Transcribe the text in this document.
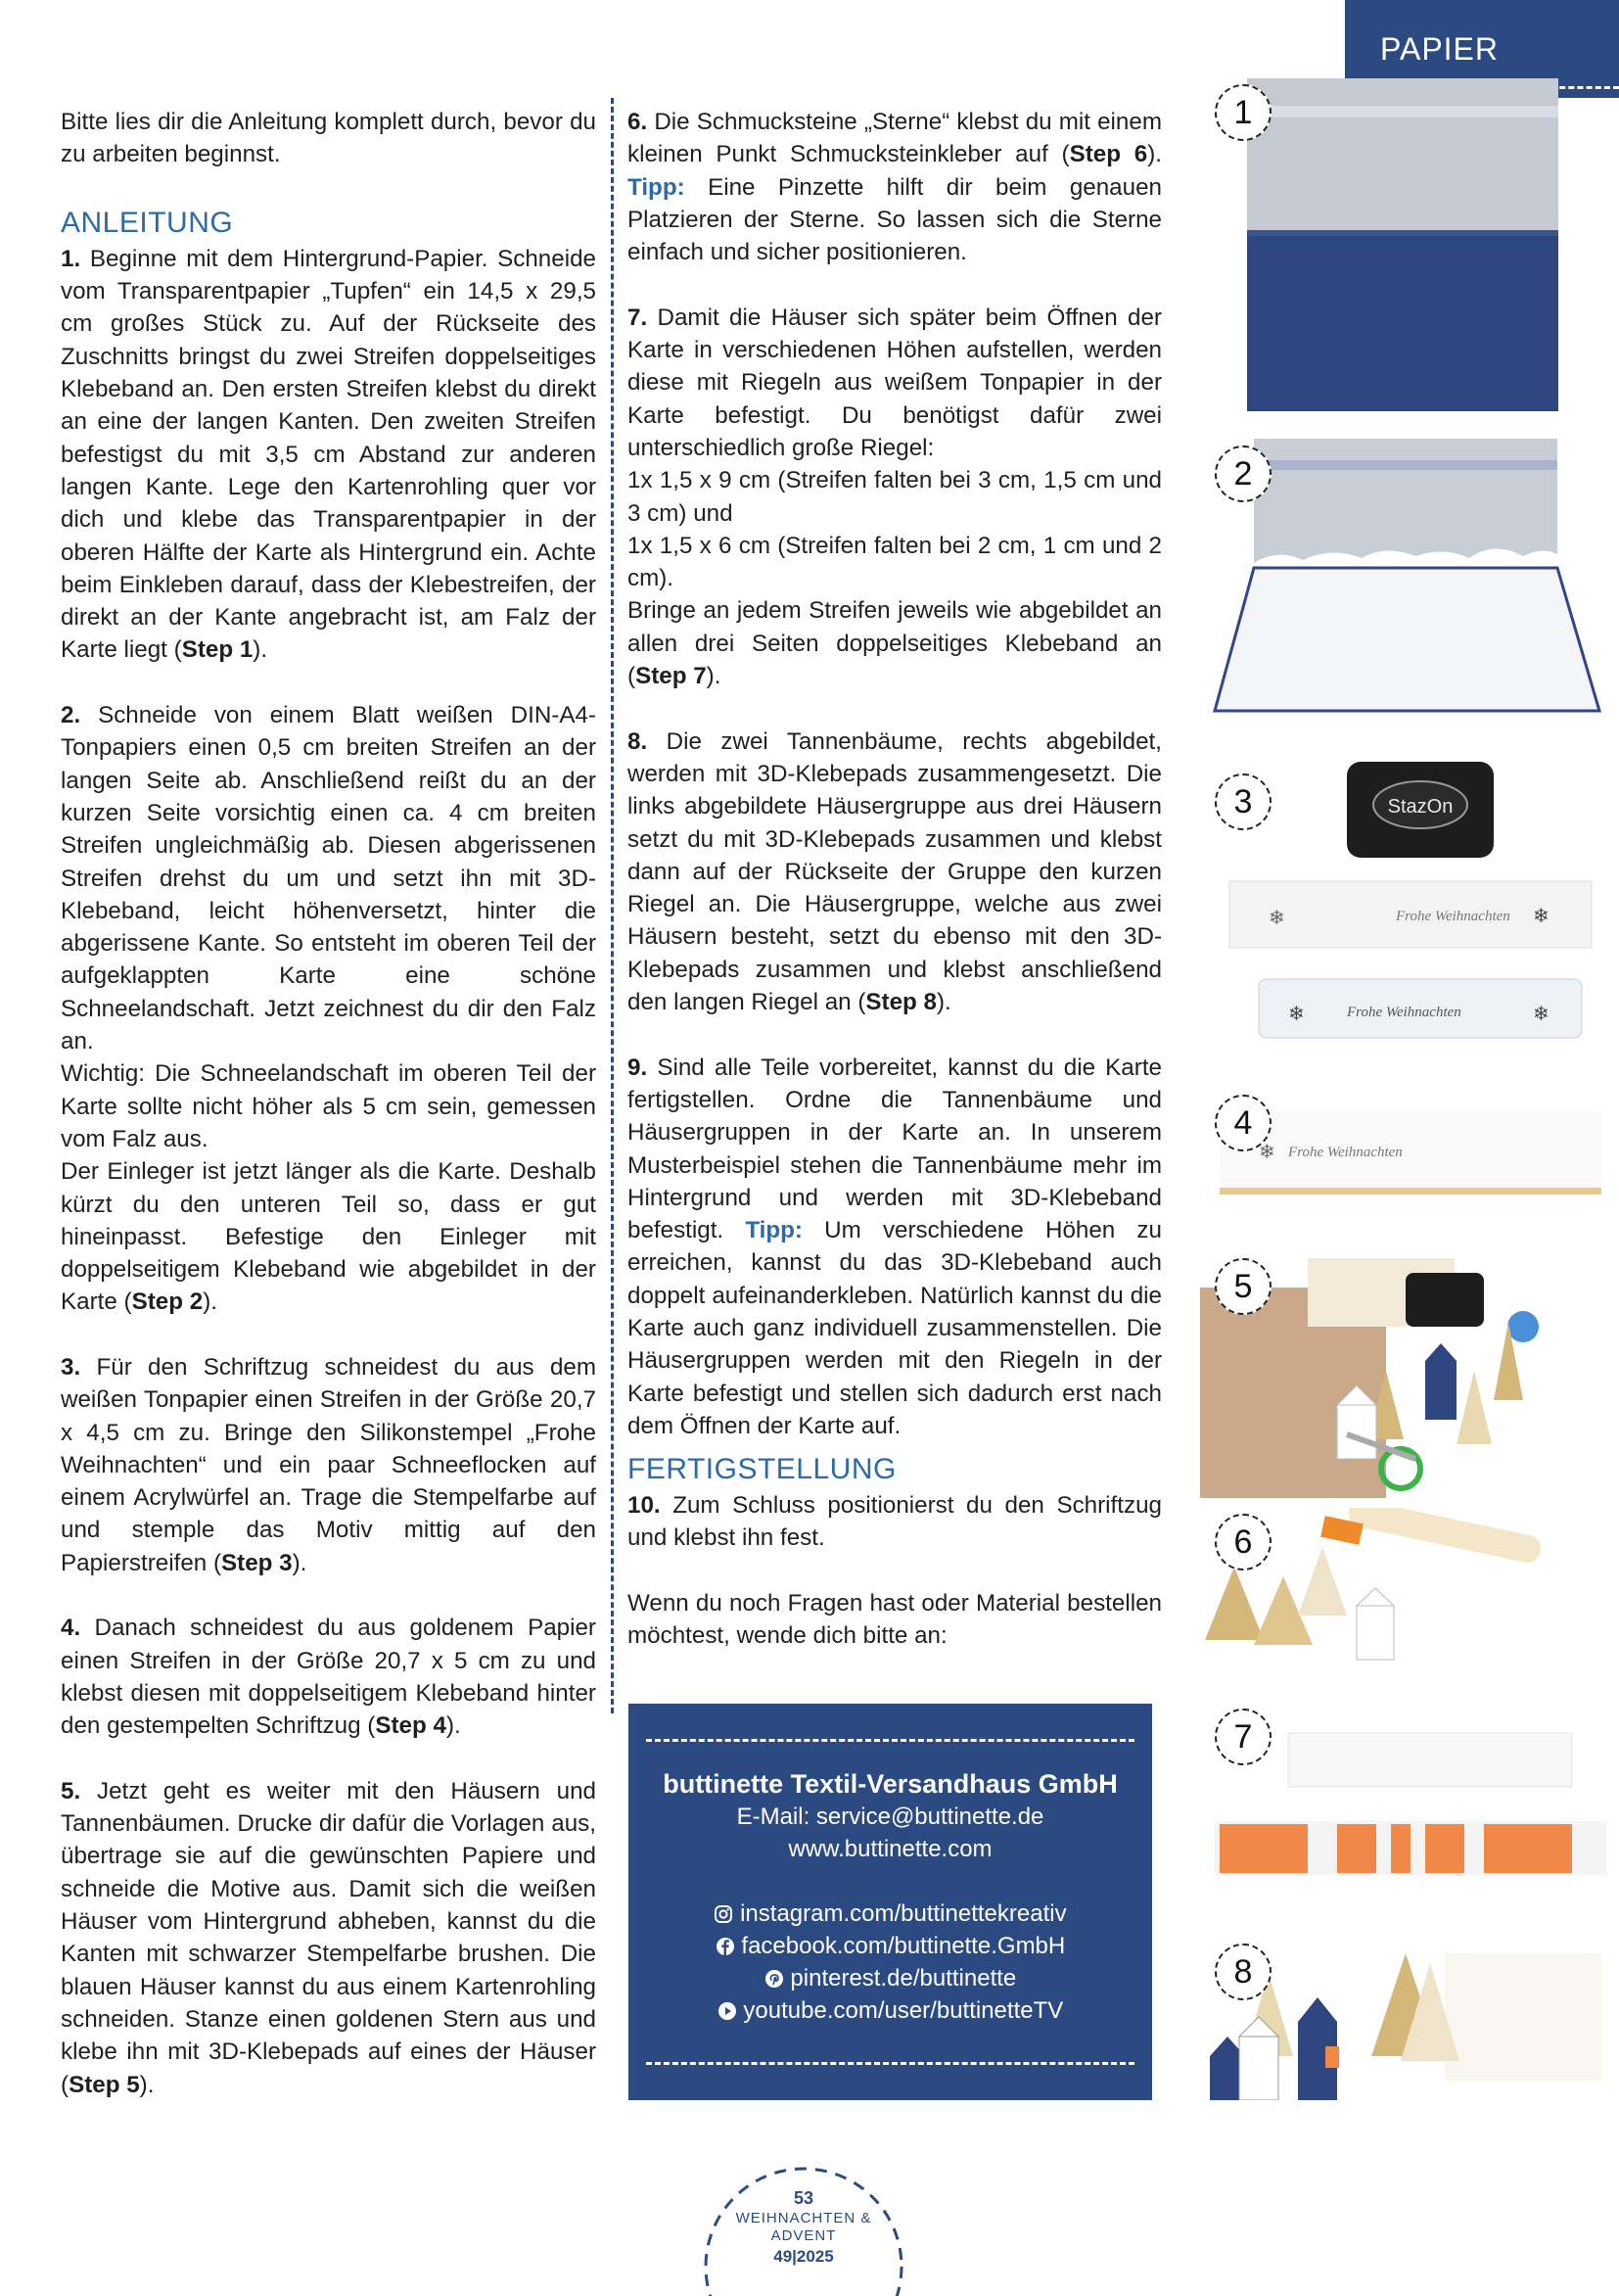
PAPIER

Bitte lies dir die Anleitung komplett durch, bevor du zu arbeiten beginnst.

ANLEITUNG

1. Beginne mit dem Hintergrund-Papier. Schneide vom Transparentpapier „Tupfen“ ein 14,5 x 29,5 cm großes Stück zu. Auf der Rückseite des Zuschnitts bringst du zwei Streifen doppelseitiges Klebeband an. Den ersten Streifen klebst du direkt an eine der langen Kanten. Den zweiten Streifen befestigst du mit 3,5 cm Abstand zur anderen langen Kante. Lege den Kartenrohling quer vor dich und klebe das Transparentpapier in der oberen Hälfte der Karte als Hintergrund ein. Achte beim Einkleben darauf, dass der Klebestreifen, der direkt an der Kante angebracht ist, am Falz der Karte liegt (Step 1).

2. Schneide von einem Blatt weißen DIN-A4-Tonpapiers einen 0,5 cm breiten Streifen an der langen Seite ab. Anschließend reißt du an der kurzen Seite vorsichtig einen ca. 4 cm breiten Streifen ungleichmäßig ab. Diesen abgerissenen Streifen drehst du um und setzt ihn mit 3D-Klebeband, leicht höhenversetzt, hinter die abgerissene Kante. So entsteht im oberen Teil der aufgeklappten Karte eine schöne Schneelandschaft. Jetzt zeichnest du dir den Falz an.

Wichtig: Die Schneelandschaft im oberen Teil der Karte sollte nicht höher als 5 cm sein, gemessen vom Falz aus.

Der Einleger ist jetzt länger als die Karte. Deshalb kürzt du den unteren Teil so, dass er gut hineinpasst. Befestige den Einleger mit doppelseitigem Klebeband wie abgebildet in der Karte (Step 2).

3. Für den Schriftzug schneidest du aus dem weißen Tonpapier einen Streifen in der Größe 20,7 x 4,5 cm zu. Bringe den Silikonstempel „Frohe Weihnachten“ und ein paar Schneeflocken auf einem Acrylwürfel an. Trage die Stempelfarbe auf und stemple das Motiv mittig auf den Papierstreifen (Step 3).

4. Danach schneidest du aus goldenem Papier einen Streifen in der Größe 20,7 x 5 cm zu und klebst diesen mit doppelseitigem Klebeband hinter den gestempelten Schriftzug (Step 4).

5. Jetzt geht es weiter mit den Häusern und Tannenbäumen. Drucke dir dafür die Vorlagen aus, übertrage sie auf die gewünschten Papiere und schneide die Motive aus. Damit sich die weißen Häuser vom Hintergrund abheben, kannst du die Kanten mit schwarzer Stempelfarbe brushen. Die blauen Häuser kannst du aus einem Kartenrohling schneiden. Stanze einen goldenen Stern aus und klebe ihn mit 3D-Klebepads auf eines der Häuser (Step 5).

6. Die Schmucksteine „Sterne“ klebst du mit einem kleinen Punkt Schmucksteinkleber auf (Step 6). Tipp: Eine Pinzette hilft dir beim genauen Platzieren der Sterne. So lassen sich die Sterne einfach und sicher positionieren.

7. Damit die Häuser sich später beim Öffnen der Karte in verschiedenen Höhen aufstellen, werden diese mit Riegeln aus weißem Tonpapier in der Karte befestigt. Du benötigst dafür zwei unterschiedlich große Riegel:

1x 1,5 x 9 cm (Streifen falten bei 3 cm, 1,5 cm und 3 cm) und

1x 1,5 x 6 cm (Streifen falten bei 2 cm, 1 cm und 2 cm).

Bringe an jedem Streifen jeweils wie abgebildet an allen drei Seiten doppelseitiges Klebeband an (Step 7).

8. Die zwei Tannenbäume, rechts abgebildet, werden mit 3D-Klebepads zusammengesetzt. Die links abgebildete Häusergruppe aus drei Häusern setzt du mit 3D-Klebepads zusammen und klebst dann auf der Rückseite der Gruppe den kurzen Riegel an. Die Häusergruppe, welche aus zwei Häusern besteht, setzt du ebenso mit den 3D-Klebepads zusammen und klebst anschließend den langen Riegel an (Step 8).

9. Sind alle Teile vorbereitet, kannst du die Karte fertigstellen. Ordne die Tannenbäume und Häusergruppen in der Karte an. In unserem Musterbeispiel stehen die Tannenbäume mehr im Hintergrund und werden mit 3D-Klebeband befestigt. Tipp: Um verschiedene Höhen zu erreichen, kannst du das 3D-Klebeband auch doppelt aufeinanderkleben. Natürlich kannst du die Karte auch ganz individuell zusammenstellen. Die Häusergruppen werden mit den Riegeln in der Karte befestigt und stellen sich dadurch erst nach dem Öffnen der Karte auf.

FERTIGSTELLUNG

10. Zum Schluss positionierst du den Schriftzug und klebst ihn fest.

Wenn du noch Fragen hast oder Material bestellen möchtest, wende dich bitte an:

buttinette Textil-Versandhaus GmbH
E-Mail: service@buttinette.de
www.buttinette.com
instagram.com/buttinettekreativ
facebook.com/buttinette.GmbH
pinterest.de/buttinette
youtube.com/user/buttinetteTV
1
2
3	StazOn
Frohe Weihnachten
❄	❄
Frohe Weihnachten
❄	❄
4
Frohe Weihnachten
❄
5
6
7
8
53
WEIHNACHTEN &
ADVENT
49|2025
